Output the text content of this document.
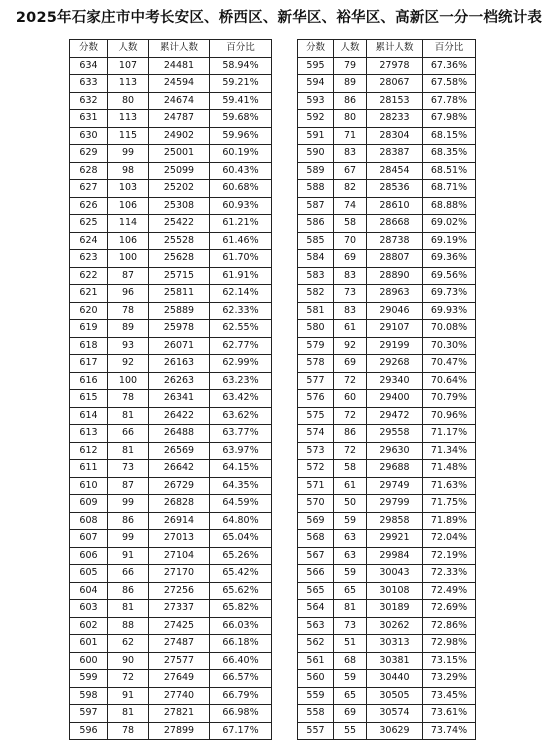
2025年石家庄市中考长安区、桥西区、新华区、裕华区、高新区一分一档统计表
分数	人数	累计人数	百分比
634	107	24481	58.94%
633	113	24594	59.21%
632	80	24674	59.41%
631	113	24787	59.68%
630	115	24902	59.96%
629	99	25001	60.19%
628	98	25099	60.43%
627	103	25202	60.68%
626	106	25308	60.93%
625	114	25422	61.21%
624	106	25528	61.46%
623	100	25628	61.70%
622	87	25715	61.91%
621	96	25811	62.14%
620	78	25889	62.33%
619	89	25978	62.55%
618	93	26071	62.77%
617	92	26163	62.99%
616	100	26263	63.23%
615	78	26341	63.42%
614	81	26422	63.62%
613	66	26488	63.77%
612	81	26569	63.97%
611	73	26642	64.15%
610	87	26729	64.35%
609	99	26828	64.59%
608	86	26914	64.80%
607	99	27013	65.04%
606	91	27104	65.26%
605	66	27170	65.42%
604	86	27256	65.62%
603	81	27337	65.82%
602	88	27425	66.03%
601	62	27487	66.18%
600	90	27577	66.40%
599	72	27649	66.57%
598	91	27740	66.79%
597	81	27821	66.98%
596	78	27899	67.17%
分数	人数	累计人数	百分比
595	79	27978	67.36%
594	89	28067	67.58%
593	86	28153	67.78%
592	80	28233	67.98%
591	71	28304	68.15%
590	83	28387	68.35%
589	67	28454	68.51%
588	82	28536	68.71%
587	74	28610	68.88%
586	58	28668	69.02%
585	70	28738	69.19%
584	69	28807	69.36%
583	83	28890	69.56%
582	73	28963	69.73%
581	83	29046	69.93%
580	61	29107	70.08%
579	92	29199	70.30%
578	69	29268	70.47%
577	72	29340	70.64%
576	60	29400	70.79%
575	72	29472	70.96%
574	86	29558	71.17%
573	72	29630	71.34%
572	58	29688	71.48%
571	61	29749	71.63%
570	50	29799	71.75%
569	59	29858	71.89%
568	63	29921	72.04%
567	63	29984	72.19%
566	59	30043	72.33%
565	65	30108	72.49%
564	81	30189	72.69%
563	73	30262	72.86%
562	51	30313	72.98%
561	68	30381	73.15%
560	59	30440	73.29%
559	65	30505	73.45%
558	69	30574	73.61%
557	55	30629	73.74%
